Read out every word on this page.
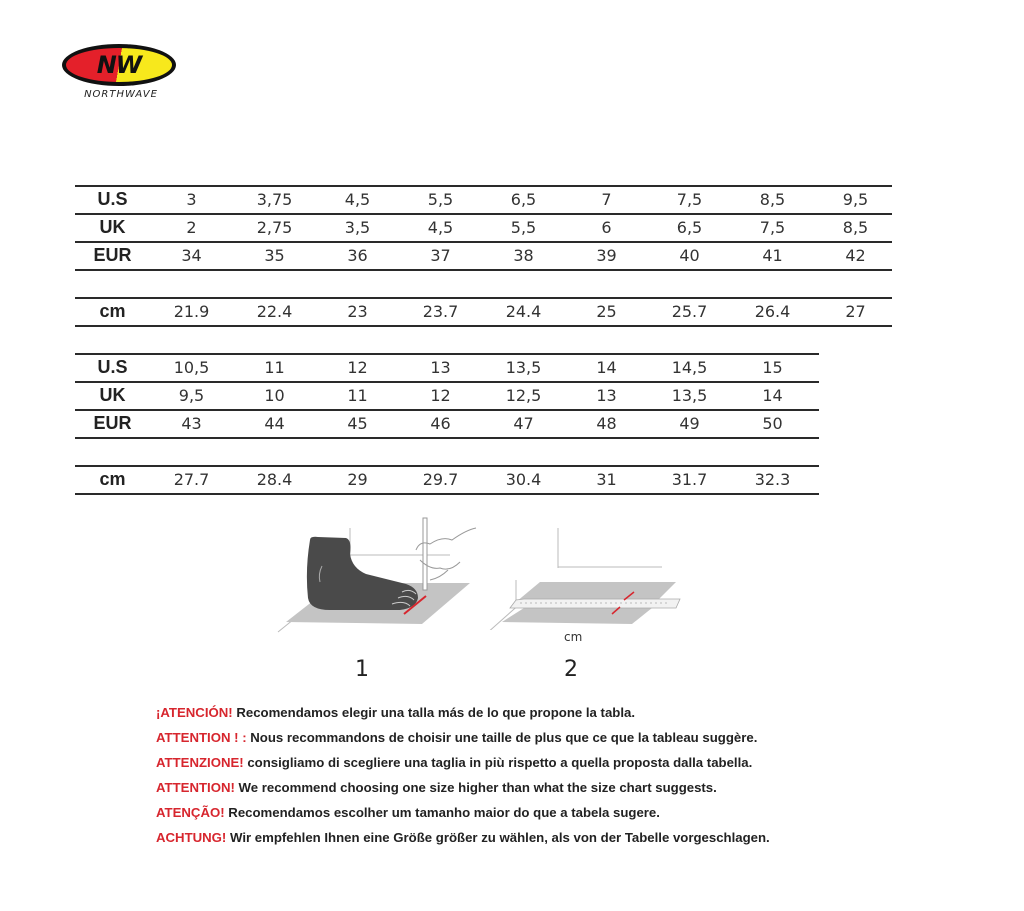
NW
NORTHWAVE
U.S	3	3,75	4,5	5,5	6,5	7	7,5	8,5	9,5
UK	2	2,75	3,5	4,5	5,5	6	6,5	7,5	8,5
EUR	34	35	36	37	38	39	40	41	42
cm	21.9	22.4	23	23.7	24.4	25	25.7	26.4	27
U.S	10,5	11	12	13	13,5	14	14,5	15
UK	9,5	10	11	12	12,5	13	13,5	14
EUR	43	44	45	46	47	48	49	50
cm	27.7	28.4	29	29.7	30.4	31	31.7	32.3
1
cm
2
¡ATENCIÓN! Recomendamos elegir una talla más de lo que propone la tabla.
ATTENTION ! : Nous recommandons de choisir une taille de plus que ce que la tableau suggère.
ATTENZIONE! consigliamo di scegliere una taglia in più rispetto a quella proposta dalla tabella.
ATTENTION! We recommend choosing one size higher than what the size chart suggests.
ATENÇÃO! Recomendamos escolher um tamanho maior do que a tabela sugere.
ACHTUNG! Wir empfehlen Ihnen eine Größe größer zu wählen, als von der Tabelle vorgeschlagen.
